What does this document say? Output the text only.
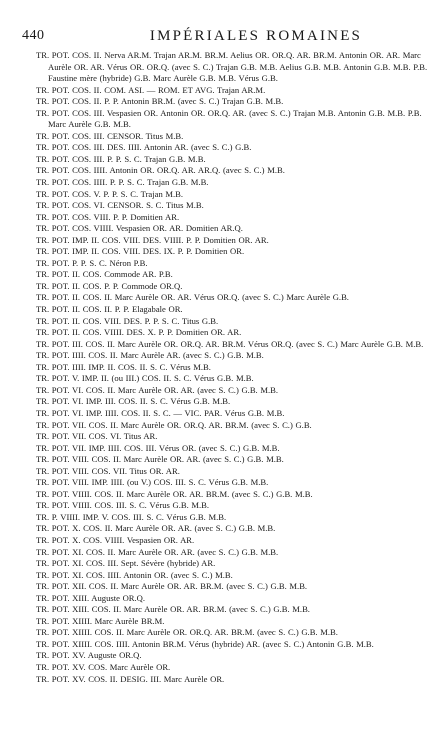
440	IMPÉRIALES ROMAINES
TR. POT. COS. II. Nerva AR.M. Trajan AR.M. BR.M. Aelius OR. OR.Q. AR. BR.M. Antonin OR. AR. Marc Aurèle OR. AR. Vérus OR. OR.Q. (avec S. C.) Trajan G.B. M.B. Aelius G.B. M.B. Antonin G.B. M.B. P.B. Faustine mère (hybride) G.B. Marc Aurèle G.B. M.B. Vérus G.B.
TR. POT. COS. II. COM. ASI. — ROM. ET AVG. Trajan AR.M.
TR. POT. COS. II. P. P. Antonin BR.M. (avec S. C.) Trajan G.B. M.B.
TR. POT. COS. III. Vespasien OR. Antonin OR. OR.Q. AR. (avec S. C.) Trajan M.B. Antonin G.B. M.B. P.B. Marc Aurèle G.B. M.B.
TR. POT. COS. III. CENSOR. Titus M.B.
TR. POT. COS. III. DES. IIII. Antonin AR. (avec S. C.) G.B.
TR. POT. COS. III. P. P. S. C. Trajan G.B. M.B.
TR. POT. COS. IIII. Antonin OR. OR.Q. AR. AR.Q. (avec S. C.) M.B.
TR. POT. COS. IIII. P. P. S. C. Trajan G.B. M.B.
TR. POT. COS. V. P. P. S. C. Trajan M.B.
TR. POT. COS. VI. CENSOR. S. C. Titus M.B.
TR. POT. COS. VIII. P. P. Domitien AR.
TR. POT. COS. VIIII. Vespasien OR. AR. Domitien AR.Q.
TR. POT. IMP. II. COS. VIII. DES. VIIII. P. P. Domitien OR. AR.
TR. POT. IMP. II. COS. VIII. DES. IX. P. P. Domitien OR.
TR. POT. P. P. S. C. Néron P.B.
TR. POT. II. COS. Commode AR. P.B.
TR. POT. II. COS. P. P. Commode OR.Q.
TR. POT. II. COS. II. Marc Aurèle OR. AR. Vérus OR.Q. (avec S. C.) Marc Aurèle G.B.
TR. POT. II. COS. II. P. P. Elagabale OR.
TR. POT. II. COS. VIII. DES. P. P. S. C. Titus G.B.
TR. POT. II. COS. VIIII. DES. X. P. P. Domitien OR. AR.
TR. POT. III. COS. II. Marc Aurèle OR. OR.Q. AR. BR.M. Vérus OR.Q. (avec S. C.) Marc Aurèle G.B. M.B.
TR. POT. IIII. COS. II. Marc Aurèle AR. (avec S. C.) G.B. M.B.
TR. POT. IIII. IMP. II. COS. II. S. C. Vérus M.B.
TR. POT. V. IMP. II. (ou III.) COS. II. S. C. Vérus G.B. M.B.
TR. POT. VI. COS. II. Marc Aurèle OR. AR. (avec S. C.) G.B. M.B.
TR. POT. VI. IMP. III. COS. II. S. C. Vérus G.B. M.B.
TR. POT. VI. IMP. IIII. COS. II. S. C. — VIC. PAR. Vérus G.B. M.B.
TR. POT. VII. COS. II. Marc Aurèle OR. OR.Q. AR. BR.M. (avec S. C.) G.B.
TR. POT. VII. COS. VI. Titus AR.
TR. POT. VII. IMP. IIII. COS. III. Vérus OR. (avec S. C.) G.B. M.B.
TR. POT. VIII. COS. II. Marc Aurèle OR. AR. (avec S. C.) G.B. M.B.
TR. POT. VIII. COS. VII. Titus OR. AR.
TR. POT. VIII. IMP. IIII. (ou V.) COS. III. S. C. Vérus G.B. M.B.
TR. POT. VIIII. COS. II. Marc Aurèle OR. AR. BR.M. (avec S. C.) G.B. M.B.
TR. POT. VIIII. COS. III. S. C. Vérus G.B. M.B.
TR. P. VIIII. IMP. V. COS. III. S. C. Vérus G.B. M.B.
TR. POT. X. COS. II. Marc Aurèle OR. AR. (avec S. C.) G.B. M.B.
TR. POT. X. COS. VIIII. Vespasien OR. AR.
TR. POT. XI. COS. II. Marc Aurèle OR. AR. (avec S. C.) G.B. M.B.
TR. POT. XI. COS. III. Sept. Sévère (hybride) AR.
TR. POT. XI. COS. IIII. Antonin OR. (avec S. C.) M.B.
TR. POT. XII. COS. II. Marc Aurèle OR. AR. BR.M. (avec S. C.) G.B. M.B.
TR. POT. XIII. Auguste OR.Q.
TR. POT. XIII. COS. II. Marc Aurèle OR. AR. BR.M. (avec S. C.) G.B. M.B.
TR. POT. XIIII. Marc Aurèle BR.M.
TR. POT. XIIII. COS. II. Marc Aurèle OR. OR.Q. AR. BR.M. (avec S. C.) G.B. M.B.
TR. POT. XIIII. COS. IIII. Antonin BR.M. Vérus (hybride) AR. (avec S. C.) Antonin G.B. M.B.
TR. POT. XV. Auguste OR.Q.
TR. POT. XV. COS. Marc Aurèle OR.
TR. POT. XV. COS. II. DESIG. III. Marc Aurèle OR.
